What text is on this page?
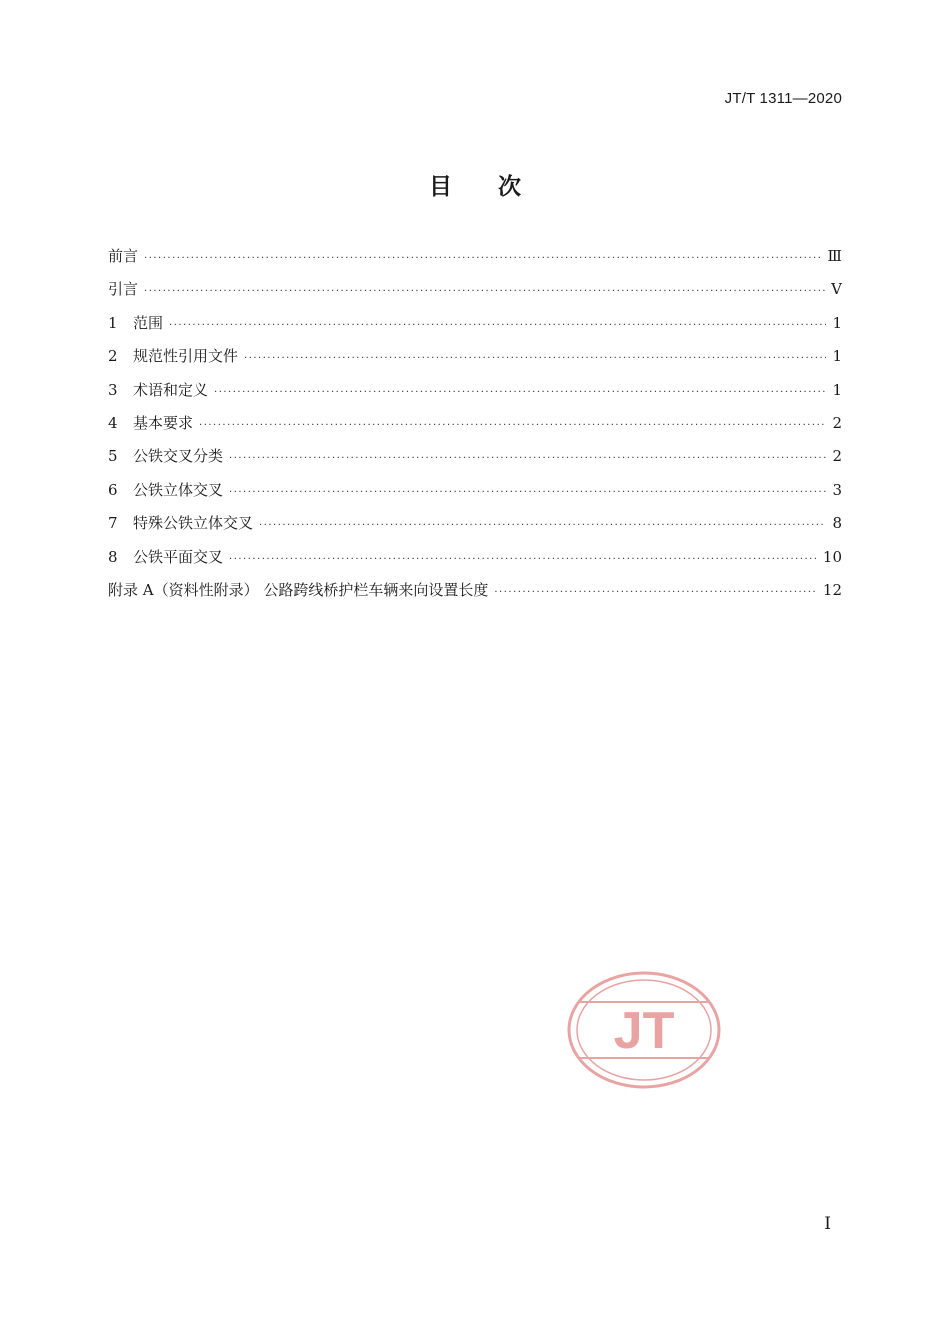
JT/T 1311—2020
目 次
前言 ·····	Ⅲ
引言 ·····	Ⅴ
1	范围 ·····	1
2	规范性引用文件 ·····	1
3	术语和定义 ·····	1
4	基本要求 ·····	2
5	公铁交叉分类 ·····	2
6	公铁立体交叉 ·····	3
7	特殊公铁立体交叉 ·····	8
8	公铁平面交叉 ·····	10
附录 A（资料性附录） 公路跨线桥护栏车辆来向设置长度 ·····	12
JT
I
